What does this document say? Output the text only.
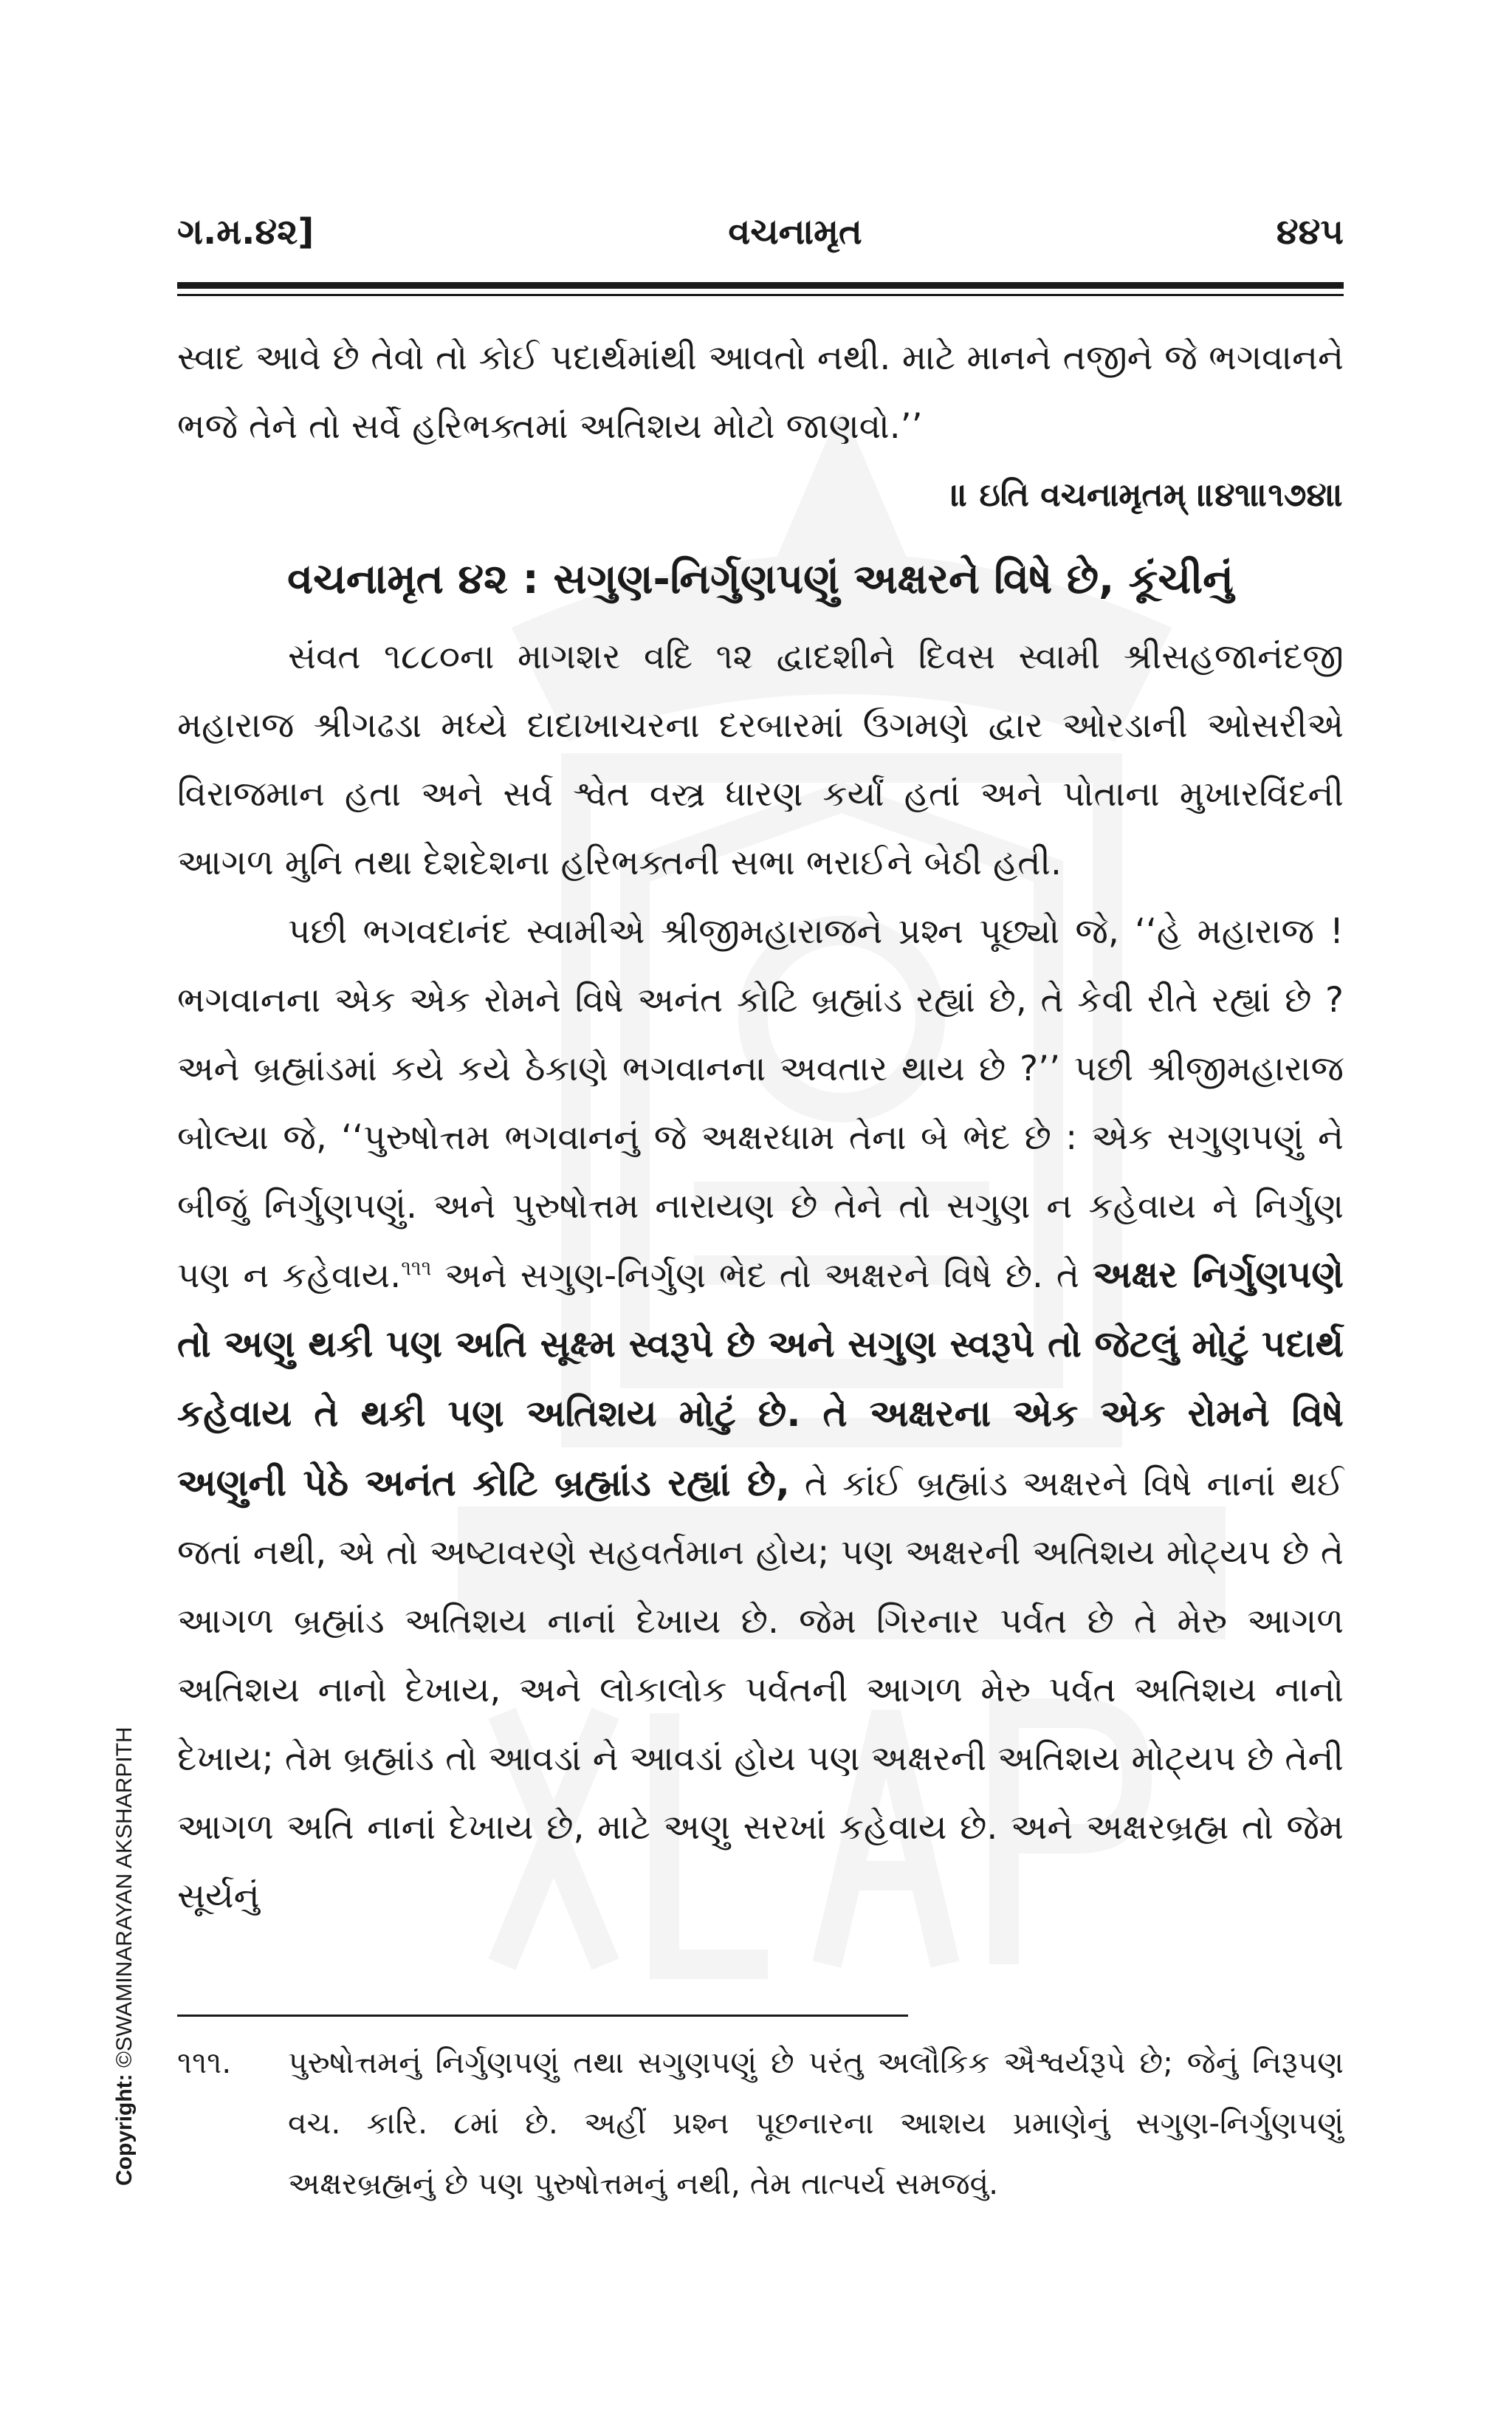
ગ.મ.૪૨]	વચનામૃત	૪૪૫

સ્વાદ આવે છે તેવો તો કોઈ પદાર્થમાંથી આવતો નથી. માટે માનને તજીને જે ભગવાનને ભજે તેને તો સર્વે હરિભક્તમાં અતિશય મોટો જાણવો.’’

॥ ઇતિ વચનામૃતમ્ ॥૪૧॥૧૭૪॥

વચનામૃત ૪૨ : સગુણ-નિર્ગુણપણું અક્ષરને વિષે છે, કૂંચીનું

સંવત ૧૮૮૦ના માગશર વદિ ૧૨ દ્વાદશીને દિવસ સ્વામી શ્રીસહજાનંદજી મહારાજ શ્રીગઢડા મધ્યે દાદાખાચરના દરબારમાં ઉગમણે દ્વાર ઓરડાની ઓસરીએ વિરાજમાન હતા અને સર્વ શ્વેત વસ્ત્ર ધારણ કર્યાં હતાં અને પોતાના મુખારવિંદની આગળ મુનિ તથા દેશદેશના હરિભક્તની સભા ભરાઈને બેઠી હતી.

પછી ભગવદાનંદ સ્વામીએ શ્રીજીમહારાજને પ્રશ્ન પૂછ્યો જે, ‘‘હે મહારાજ ! ભગવાનના એક એક રોમને વિષે અનંત કોટિ બ્રહ્માંડ રહ્યાં છે, તે કેવી રીતે રહ્યાં છે ? અને બ્રહ્માંડમાં કયે કયે ઠેકાણે ભગવાનના અવતાર થાય છે ?’’ પછી શ્રીજીમહારાજ બોલ્યા જે, ‘‘પુરુષોત્તમ ભગવાનનું જે અક્ષરધામ તેના બે ભેદ છે : એક સગુણપણું ને બીજું નિર્ગુણપણું. અને પુરુષોત્તમ નારાયણ છે તેને તો સગુણ ન કહેવાય ને નિર્ગુણ પણ ન કહેવાય.$^{૧૧૧}$ અને સગુણ-નિર્ગુણ ભેદ તો અક્ષરને વિષે છે. તે અક્ષર નિર્ગુણપણે તો અણુ થકી પણ અતિ સૂક્ષ્મ સ્વરૂપે છે અને સગુણ સ્વરૂપે તો જેટલું મોટું પદાર્થ કહેવાય તે થકી પણ અતિશય મોટું છે. તે અક્ષરના એક એક રોમને વિષે અણુની પેઠે અનંત કોટિ બ્રહ્માંડ રહ્યાં છે, તે કાંઈ બ્રહ્માંડ અક્ષરને વિષે નાનાં થઈ જતાં નથી, એ તો અષ્ટાવરણે સહવર્તમાન હોય; પણ અક્ષરની અતિશય મોટ્યપ છે તે આગળ બ્રહ્માંડ અતિશય નાનાં દેખાય છે. જેમ ગિરનાર પર્વત છે તે મેરુ આગળ અતિશય નાનો દેખાય, અને લોકાલોક પર્વતની આગળ મેરુ પર્વત અતિશય નાનો દેખાય; તેમ બ્રહ્માંડ તો આવડાં ને આવડાં હોય પણ અક્ષરની અતિશય મોટ્યપ છે તેની આગળ અતિ નાનાં દેખાય છે, માટે અણુ સરખાં કહેવાય છે. અને અક્ષરબ્રહ્મ તો જેમ સૂર્યનું

૧૧૧.	પુરુષોત્તમનું નિર્ગુણપણું તથા સગુણપણું છે પરંતુ અલૌકિક ઐશ્વર્યરૂપે છે; જેનું નિરૂપણ વચ. કારિ. ૮માં છે. અહીં પ્રશ્ન પૂછનારના આશય પ્રમાણેનું સગુણ-નિર્ગુણપણું અક્ષરબ્રહ્મનું છે પણ પુરુષોત્તમનું નથી, તેમ તાત્પર્ય સમજવું.
Copyright: ©SWAMINARAYAN AKSHARPITH
